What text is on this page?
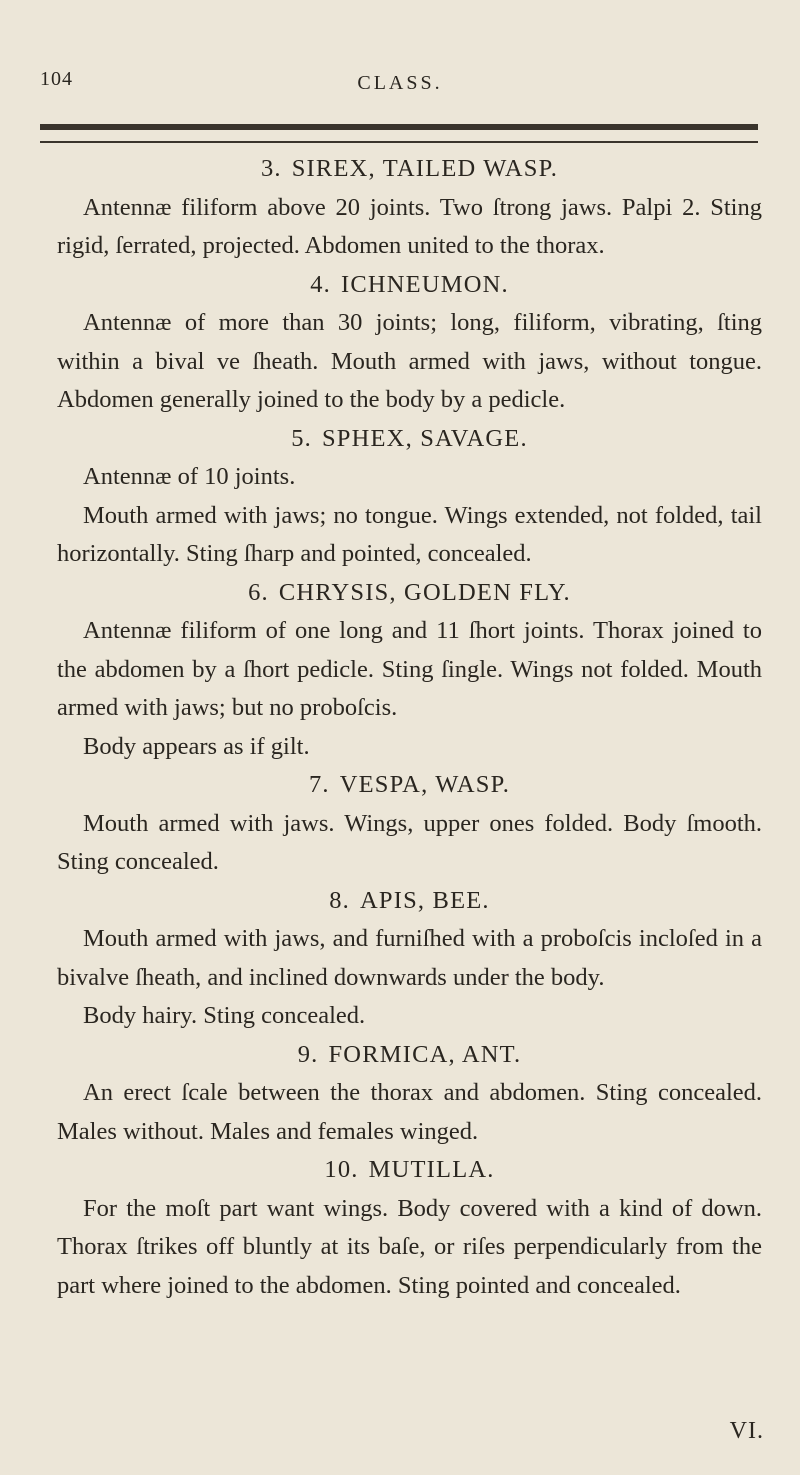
104	CLASS.
3. SIREX, TAILED WASP.
Antennæ filiform above 20 joints. Two ſtrong jaws. Palpi 2. Sting rigid, ſerrated, projected. Abdomen united to the thorax.
4. ICHNEUMON.
Antennæ of more than 30 joints; long, filiform, vibrating, ſting within a bival ve ſheath. Mouth armed with jaws, without tongue. Abdomen generally joined to the body by a pedicle.
5. SPHEX, SAVAGE.
Antennæ of 10 joints.
Mouth armed with jaws; no tongue. Wings extended, not folded, tail horizontally. Sting ſharp and pointed, concealed.
6. CHRYSIS, GOLDEN FLY.
Antennæ filiform of one long and 11 ſhort joints. Thorax joined to the abdomen by a ſhort pedicle. Sting ſingle. Wings not folded. Mouth armed with jaws; but no proboſcis.
Body appears as if gilt.
7. VESPA, WASP.
Mouth armed with jaws. Wings, upper ones folded. Body ſmooth. Sting concealed.
8. APIS, BEE.
Mouth armed with jaws, and furniſhed with a proboſcis incloſed in a bivalve ſheath, and inclined downwards under the body.
Body hairy. Sting concealed.
9. FORMICA, ANT.
An erect ſcale between the thorax and abdomen. Sting concealed. Males without. Males and females winged.
10. MUTILLA.
For the moſt part want wings. Body covered with a kind of down. Thorax ſtrikes off bluntly at its baſe, or riſes perpendicularly from the part where joined to the abdomen. Sting pointed and concealed.
VI.
